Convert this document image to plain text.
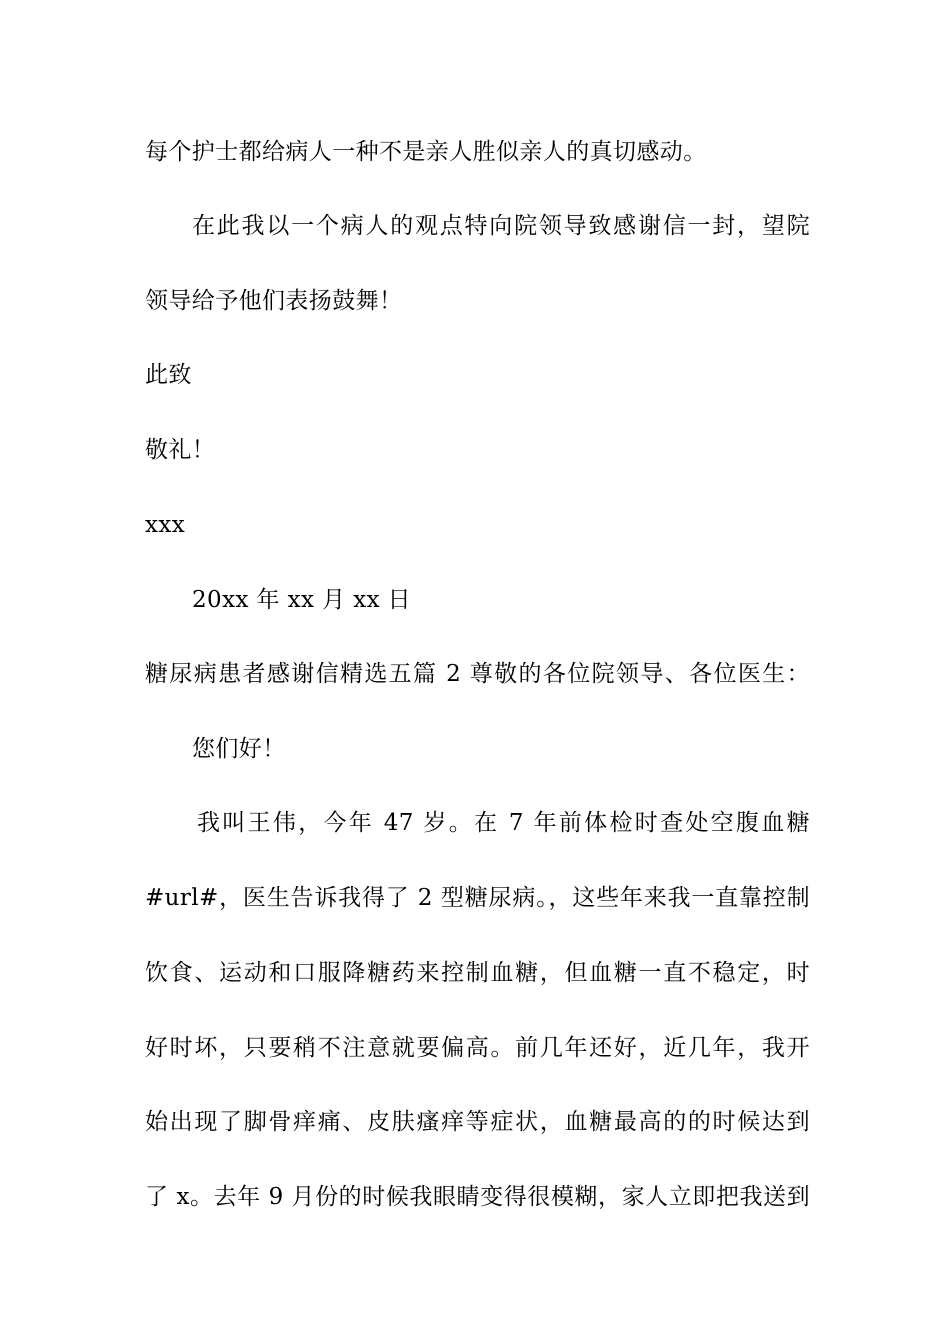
每个护士都给病人一种不是亲人胜似亲人的真切感动。
在此我以一个病人的观点特向院领导致感谢信一封，望院
领导给予他们表扬鼓舞！
此致
敬礼！
xxx
20xx 年 xx 月 xx 日
糖尿病患者感谢信精选五篇 2 尊敬的各位院领导、各位医生：
您们好！
我叫王伟，今年 47 岁。在 7 年前体检时查处空腹血糖
#url#，医生告诉我得了 2 型糖尿病。，这些年来我一直靠控制
饮食、运动和口服降糖药来控制血糖，但血糖一直不稳定，时
好时坏，只要稍不注意就要偏高。前几年还好，近几年，我开
始出现了脚骨痒痛、皮肤瘙痒等症状，血糖最高的的时候达到
了 x。去年 9 月份的时候我眼睛变得很模糊，家人立即把我送到
